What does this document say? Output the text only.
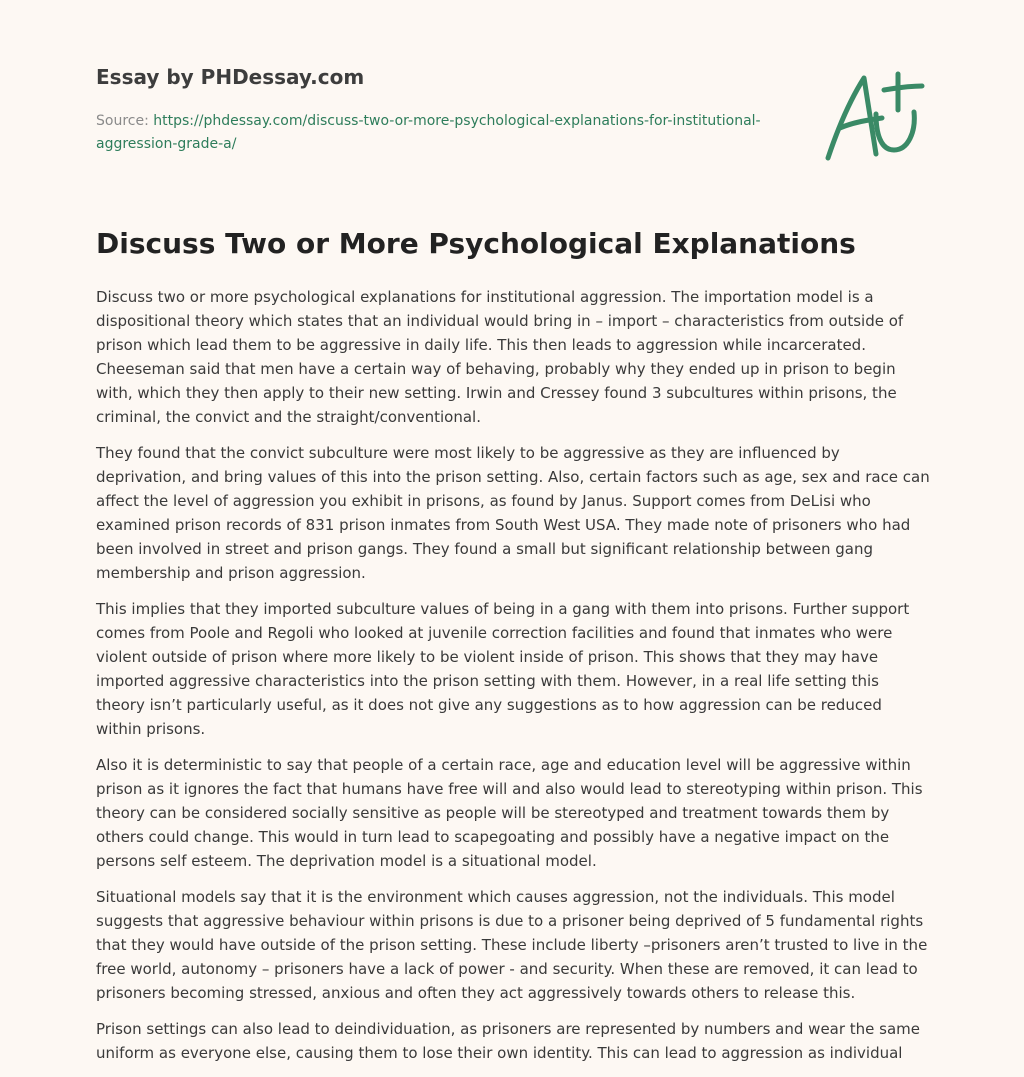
Essay by PHDessay.com
Source: https://phdessay.com/discuss-two-or-more-psychological-explanations-for-institutional-aggression-grade-a/
Discuss Two or More Psychological Explanations

Discuss two or more psychological explanations for institutional aggression. The importation model is a dispositional theory which states that an individual would bring in – import – characteristics from outside of prison which lead them to be aggressive in daily life. This then leads to aggression while incarcerated. Cheeseman said that men have a certain way of behaving, probably why they ended up in prison to begin with, which they then apply to their new setting. Irwin and Cressey found 3 subcultures within prisons, the criminal, the convict and the straight/conventional.

They found that the convict subculture were most likely to be aggressive as they are influenced by deprivation, and bring values of this into the prison setting. Also, certain factors such as age, sex and race can affect the level of aggression you exhibit in prisons, as found by Janus. Support comes from DeLisi who examined prison records of 831 prison inmates from South West USA. They made note of prisoners who had been involved in street and prison gangs. They found a small but significant relationship between gang membership and prison aggression.

This implies that they imported subculture values of being in a gang with them into prisons. Further support comes from Poole and Regoli who looked at juvenile correction facilities and found that inmates who were violent outside of prison where more likely to be violent inside of prison. This shows that they may have imported aggressive characteristics into the prison setting with them. However, in a real life setting this theory isn’t particularly useful, as it does not give any suggestions as to how aggression can be reduced within prisons.

Also it is deterministic to say that people of a certain race, age and education level will be aggressive within prison as it ignores the fact that humans have free will and also would lead to stereotyping within prison. This theory can be considered socially sensitive as people will be stereotyped and treatment towards them by others could change. This would in turn lead to scapegoating and possibly have a negative impact on the persons self esteem. The deprivation model is a situational model.

Situational models say that it is the environment which causes aggression, not the individuals. This model suggests that aggressive behaviour within prisons is due to a prisoner being deprived of 5 fundamental rights that they would have outside of the prison setting. These include liberty –prisoners aren’t trusted to live in the free world, autonomy – prisoners have a lack of power - and security. When these are removed, it can lead to prisoners becoming stressed, anxious and often they act aggressively towards others to release this.

Prison settings can also lead to deindividuation, as prisoners are represented by numbers and wear the same uniform as everyone else, causing them to lose their own identity. This can lead to aggression as individual
